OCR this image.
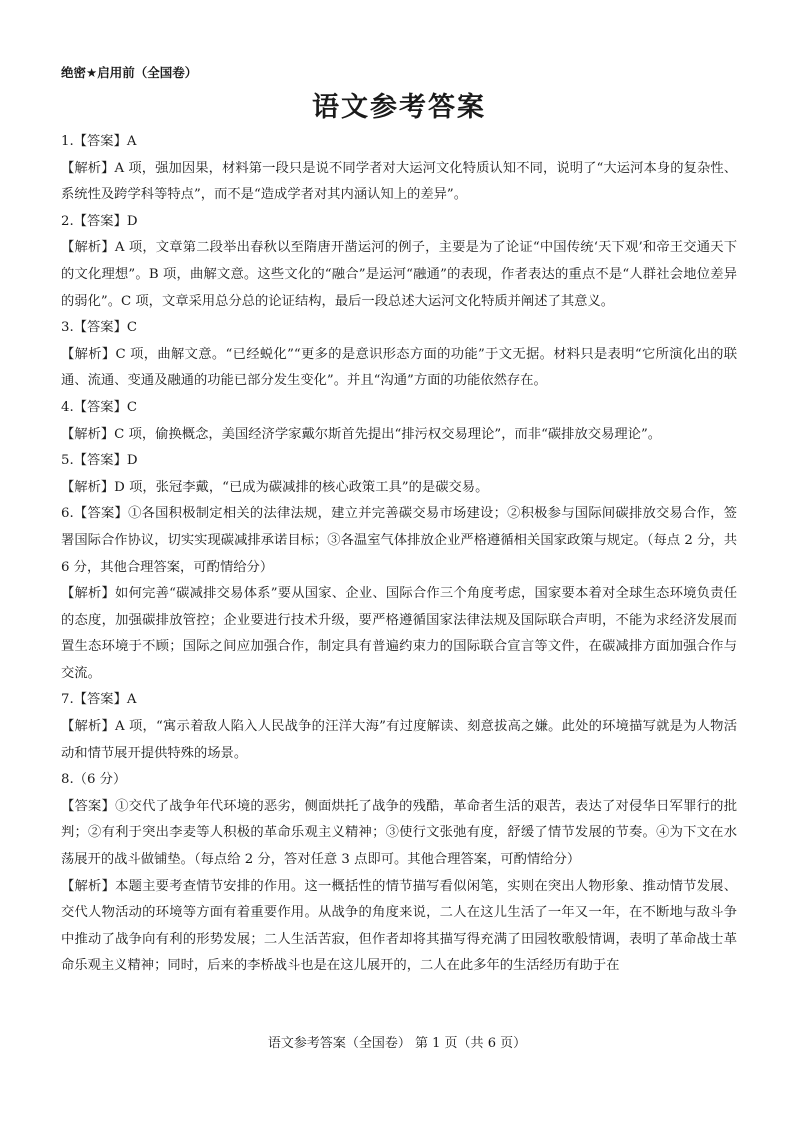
绝密★启用前（全国卷）
语文参考答案

1.【答案】A

【解析】A 项，强加因果，材料第一段只是说不同学者对大运河文化特质认知不同，说明了“大运河本身的复杂性、系统性及跨学科等特点”，而不是“造成学者对其内涵认知上的差异”。

2.【答案】D

【解析】A 项，文章第二段举出春秋以至隋唐开凿运河的例子，主要是为了论证“中国传统‘天下观’和帝王交通天下的文化理想”。B 项，曲解文意。这些文化的“融合”是运河“融通”的表现，作者表达的重点不是“人群社会地位差异的弱化”。C 项，文章采用总分总的论证结构，最后一段总述大运河文化特质并阐述了其意义。

3.【答案】C

【解析】C 项，曲解文意。“已经蜕化”“更多的是意识形态方面的功能”于文无据。材料只是表明“它所演化出的联通、流通、变通及融通的功能已部分发生变化”。并且“沟通”方面的功能依然存在。

4.【答案】C

【解析】C 项，偷换概念，美国经济学家戴尔斯首先提出“排污权交易理论”，而非“碳排放交易理论”。

5.【答案】D

【解析】D 项，张冠李戴，“已成为碳减排的核心政策工具”的是碳交易。

6.【答案】①各国积极制定相关的法律法规，建立并完善碳交易市场建设；②积极参与国际间碳排放交易合作，签署国际合作协议，切实实现碳减排承诺目标；③各温室气体排放企业严格遵循相关国家政策与规定。（每点 2 分，共 6 分，其他合理答案，可酌情给分）

【解析】如何完善“碳减排交易体系”要从国家、企业、国际合作三个角度考虑，国家要本着对全球生态环境负责任的态度，加强碳排放管控；企业要进行技术升级，要严格遵循国家法律法规及国际联合声明，不能为求经济发展而置生态环境于不顾；国际之间应加强合作，制定具有普遍约束力的国际联合宣言等文件，在碳减排方面加强合作与交流。

7.【答案】A

【解析】A 项，“寓示着敌人陷入人民战争的汪洋大海”有过度解读、刻意拔高之嫌。此处的环境描写就是为人物活动和情节展开提供特殊的场景。

8.（6 分）

【答案】①交代了战争年代环境的恶劣，侧面烘托了战争的残酷，革命者生活的艰苦，表达了对侵华日军罪行的批判；②有利于突出李麦等人积极的革命乐观主义精神；③使行文张弛有度，舒缓了情节发展的节奏。④为下文在水荡展开的战斗做铺垫。（每点给 2 分，答对任意 3 点即可。其他合理答案，可酌情给分）

【解析】本题主要考查情节安排的作用。这一概括性的情节描写看似闲笔，实则在突出人物形象、推动情节发展、交代人物活动的环境等方面有着重要作用。从战争的角度来说，二人在这儿生活了一年又一年，在不断地与敌斗争中推动了战争向有利的形势发展；二人生活苦寂，但作者却将其描写得充满了田园牧歌般情调，表明了革命战士革命乐观主义精神；同时，后来的李桥战斗也是在这儿展开的，二人在此多年的生活经历有助于在

语文参考答案（全国卷） 第 1 页（共 6 页）
